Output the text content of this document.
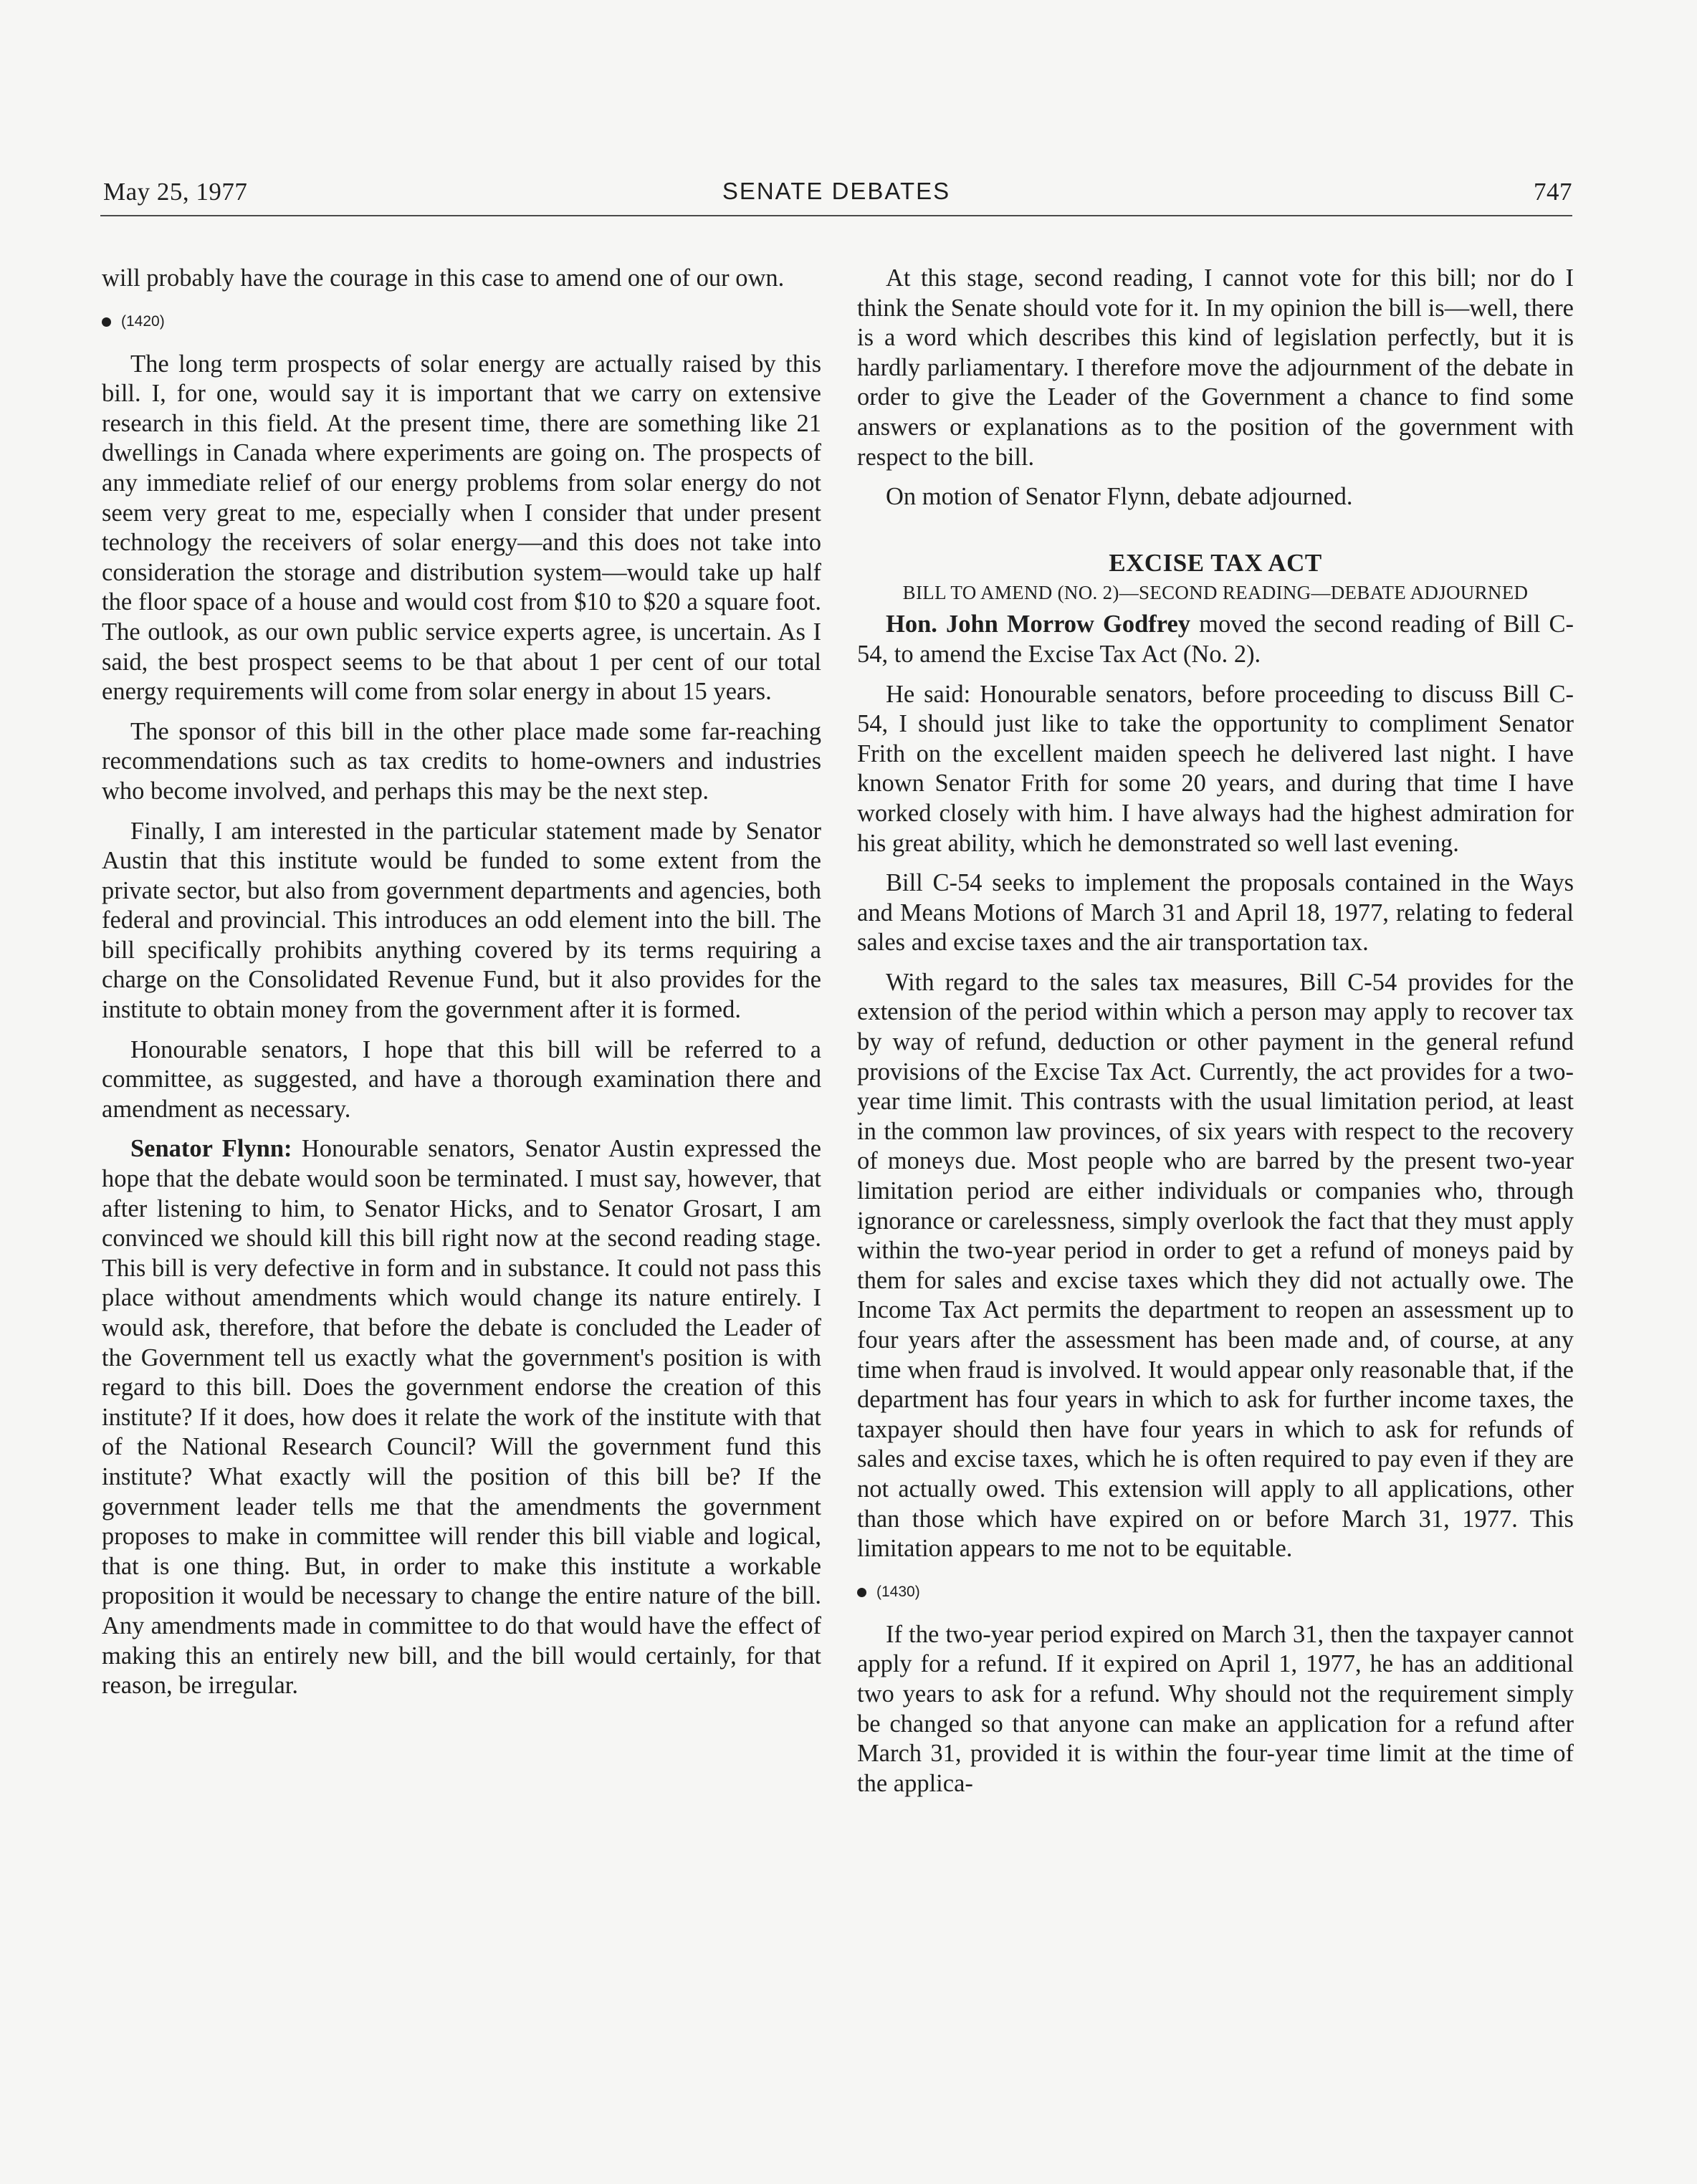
May 25, 1977	SENATE DEBATES	747

will probably have the courage in this case to amend one of our own.

(1420)

The long term prospects of solar energy are actually raised by this bill. I, for one, would say it is important that we carry on extensive research in this field. At the present time, there are something like 21 dwellings in Canada where experiments are going on. The prospects of any immediate relief of our energy problems from solar energy do not seem very great to me, especially when I consider that under present technology the receivers of solar energy—and this does not take into consideration the storage and distribution system—would take up half the floor space of a house and would cost from $10 to $20 a square foot. The outlook, as our own public service experts agree, is uncertain. As I said, the best prospect seems to be that about 1 per cent of our total energy requirements will come from solar energy in about 15 years.

The sponsor of this bill in the other place made some far-reaching recommendations such as tax credits to home-owners and industries who become involved, and perhaps this may be the next step.

Finally, I am interested in the particular statement made by Senator Austin that this institute would be funded to some extent from the private sector, but also from government departments and agencies, both federal and provincial. This introduces an odd element into the bill. The bill specifically prohibits anything covered by its terms requiring a charge on the Consolidated Revenue Fund, but it also provides for the institute to obtain money from the government after it is formed.

Honourable senators, I hope that this bill will be referred to a committee, as suggested, and have a thorough examination there and amendment as necessary.

Senator Flynn: Honourable senators, Senator Austin expressed the hope that the debate would soon be terminated. I must say, however, that after listening to him, to Senator Hicks, and to Senator Grosart, I am convinced we should kill this bill right now at the second reading stage. This bill is very defective in form and in substance. It could not pass this place without amendments which would change its nature entirely. I would ask, therefore, that before the debate is concluded the Leader of the Government tell us exactly what the government's position is with regard to this bill. Does the government endorse the creation of this institute? If it does, how does it relate the work of the institute with that of the National Research Council? Will the government fund this institute? What exactly will the position of this bill be? If the government leader tells me that the amendments the government proposes to make in committee will render this bill viable and logical, that is one thing. But, in order to make this institute a workable proposition it would be necessary to change the entire nature of the bill. Any amendments made in committee to do that would have the effect of making this an entirely new bill, and the bill would certainly, for that reason, be irregular.

At this stage, second reading, I cannot vote for this bill; nor do I think the Senate should vote for it. In my opinion the bill is—well, there is a word which describes this kind of legislation perfectly, but it is hardly parliamentary. I therefore move the adjournment of the debate in order to give the Leader of the Government a chance to find some answers or explanations as to the position of the government with respect to the bill.

On motion of Senator Flynn, debate adjourned.

EXCISE TAX ACT
BILL TO AMEND (NO. 2)—SECOND READING—DEBATE ADJOURNED

Hon. John Morrow Godfrey moved the second reading of Bill C-54, to amend the Excise Tax Act (No. 2).

He said: Honourable senators, before proceeding to discuss Bill C-54, I should just like to take the opportunity to compliment Senator Frith on the excellent maiden speech he delivered last night. I have known Senator Frith for some 20 years, and during that time I have worked closely with him. I have always had the highest admiration for his great ability, which he demonstrated so well last evening.

Bill C-54 seeks to implement the proposals contained in the Ways and Means Motions of March 31 and April 18, 1977, relating to federal sales and excise taxes and the air transportation tax.

With regard to the sales tax measures, Bill C-54 provides for the extension of the period within which a person may apply to recover tax by way of refund, deduction or other payment in the general refund provisions of the Excise Tax Act. Currently, the act provides for a two-year time limit. This contrasts with the usual limitation period, at least in the common law provinces, of six years with respect to the recovery of moneys due. Most people who are barred by the present two-year limitation period are either individuals or companies who, through ignorance or carelessness, simply overlook the fact that they must apply within the two-year period in order to get a refund of moneys paid by them for sales and excise taxes which they did not actually owe. The Income Tax Act permits the department to reopen an assessment up to four years after the assessment has been made and, of course, at any time when fraud is involved. It would appear only reasonable that, if the department has four years in which to ask for further income taxes, the taxpayer should then have four years in which to ask for refunds of sales and excise taxes, which he is often required to pay even if they are not actually owed. This extension will apply to all applications, other than those which have expired on or before March 31, 1977. This limitation appears to me not to be equitable.

(1430)

If the two-year period expired on March 31, then the taxpayer cannot apply for a refund. If it expired on April 1, 1977, he has an additional two years to ask for a refund. Why should not the requirement simply be changed so that anyone can make an application for a refund after March 31, provided it is within the four-year time limit at the time of the applica-
